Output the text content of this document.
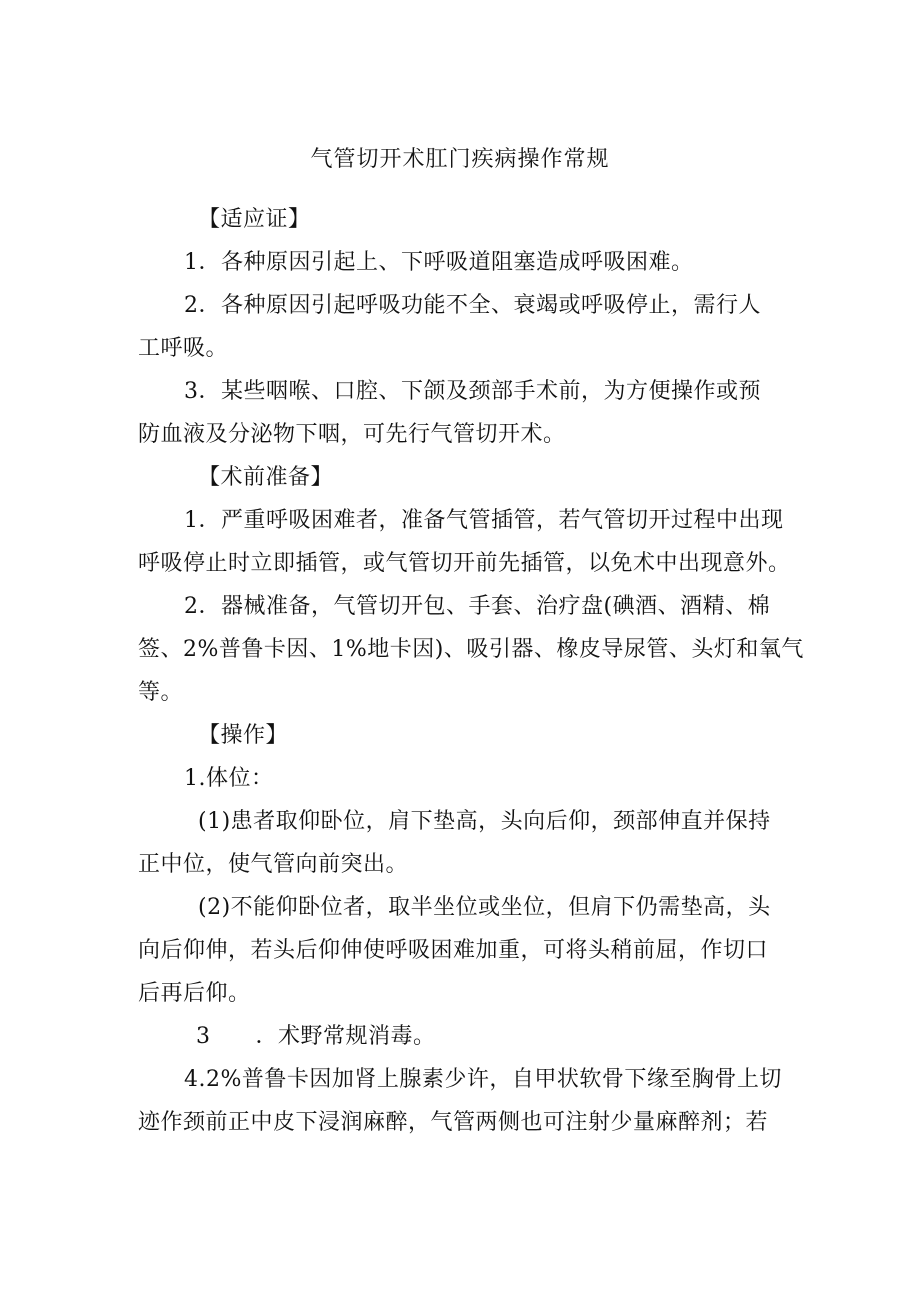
气管切开术肛门疾病操作常规
【适应证】
1．各种原因引起上、下呼吸道阻塞造成呼吸困难。
2．各种原因引起呼吸功能不全、衰竭或呼吸停止，需行人
工呼吸。
3．某些咽喉、口腔、下颌及颈部手术前，为方便操作或预
防血液及分泌物下咽，可先行气管切开术。
【术前准备】
1．严重呼吸困难者，准备气管插管，若气管切开过程中出现
呼吸停止时立即插管，或气管切开前先插管，以免术中出现意外。
2．器械准备，气管切开包、手套、治疗盘(碘酒、酒精、棉
签、2%普鲁卡因、1%地卡因)、吸引器、橡皮导尿管、头灯和氧气
等。
【操作】
1.体位：
(1)患者取仰卧位，肩下垫高，头向后仰，颈部伸直并保持
正中位，使气管向前突出。
(2)不能仰卧位者，取半坐位或坐位，但肩下仍需垫高，头
向后仰伸，若头后仰伸使呼吸困难加重，可将头稍前屈，作切口
后再后仰。
3　　．术野常规消毒。
4.2%普鲁卡因加肾上腺素少许，自甲状软骨下缘至胸骨上切
迹作颈前正中皮下浸润麻醉，气管两侧也可注射少量麻醉剂；若
